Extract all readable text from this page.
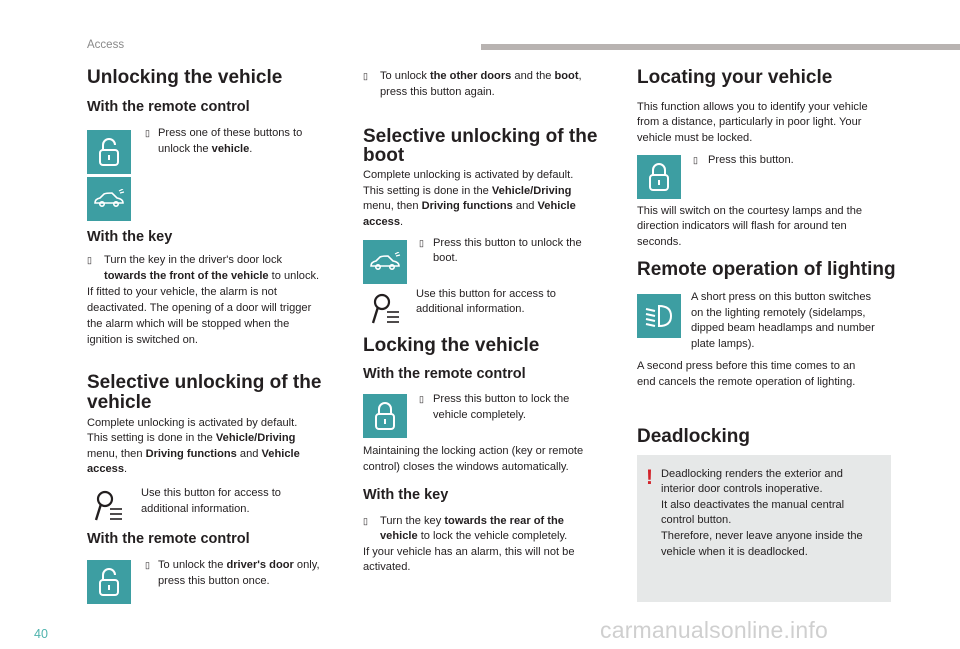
Access
40	carmanualsonline.info
Unlocking the vehicle
With the remote control
▯ Press one of these buttons to

unlock the vehicle.

With the key
▯ Turn the key in the driver's door lock

towards the front of the vehicle to unlock.

If fitted to your vehicle, the alarm is not

deactivated. The opening of a door will trigger

the alarm which will be stopped when the

ignition is switched on.

Selective unlocking of the
vehicle

Complete unlocking is activated by default.

This setting is done in the Vehicle/Driving

menu, then Driving functions and Vehicle

access.

Use this button for access to

additional information.

With the remote control
▯ To unlock the driver's door only,

press this button once.

▯ To unlock the other doors and the boot,

press this button again.

Selective unlocking of the
boot

Complete unlocking is activated by default.

This setting is done in the Vehicle/Driving

menu, then Driving functions and Vehicle

access.

▯ Press this button to unlock the

boot.

Use this button for access to

additional information.

Locking the vehicle
With the remote control
▯ Press this button to lock the

vehicle completely.

Maintaining the locking action (key or remote

control) closes the windows automatically.

With the key
▯ Turn the key towards the rear of the

vehicle to lock the vehicle completely.

If your vehicle has an alarm, this will not be

activated.

Locating your vehicle

This function allows you to identify your vehicle

from a distance, particularly in poor light. Your

vehicle must be locked.

▯ Press this button.

This will switch on the courtesy lamps and the

direction indicators will flash for around ten

seconds.

Remote operation of lighting

A short press on this button switches

on the lighting remotely (sidelamps,

dipped beam headlamps and number

plate lamps).

A second press before this time comes to an

end cancels the remote operation of lighting.

Deadlocking
! Deadlocking renders the exterior and

interior door controls inoperative.

It also deactivates the manual central

control button.

Therefore, never leave anyone inside the

vehicle when it is deadlocked.
